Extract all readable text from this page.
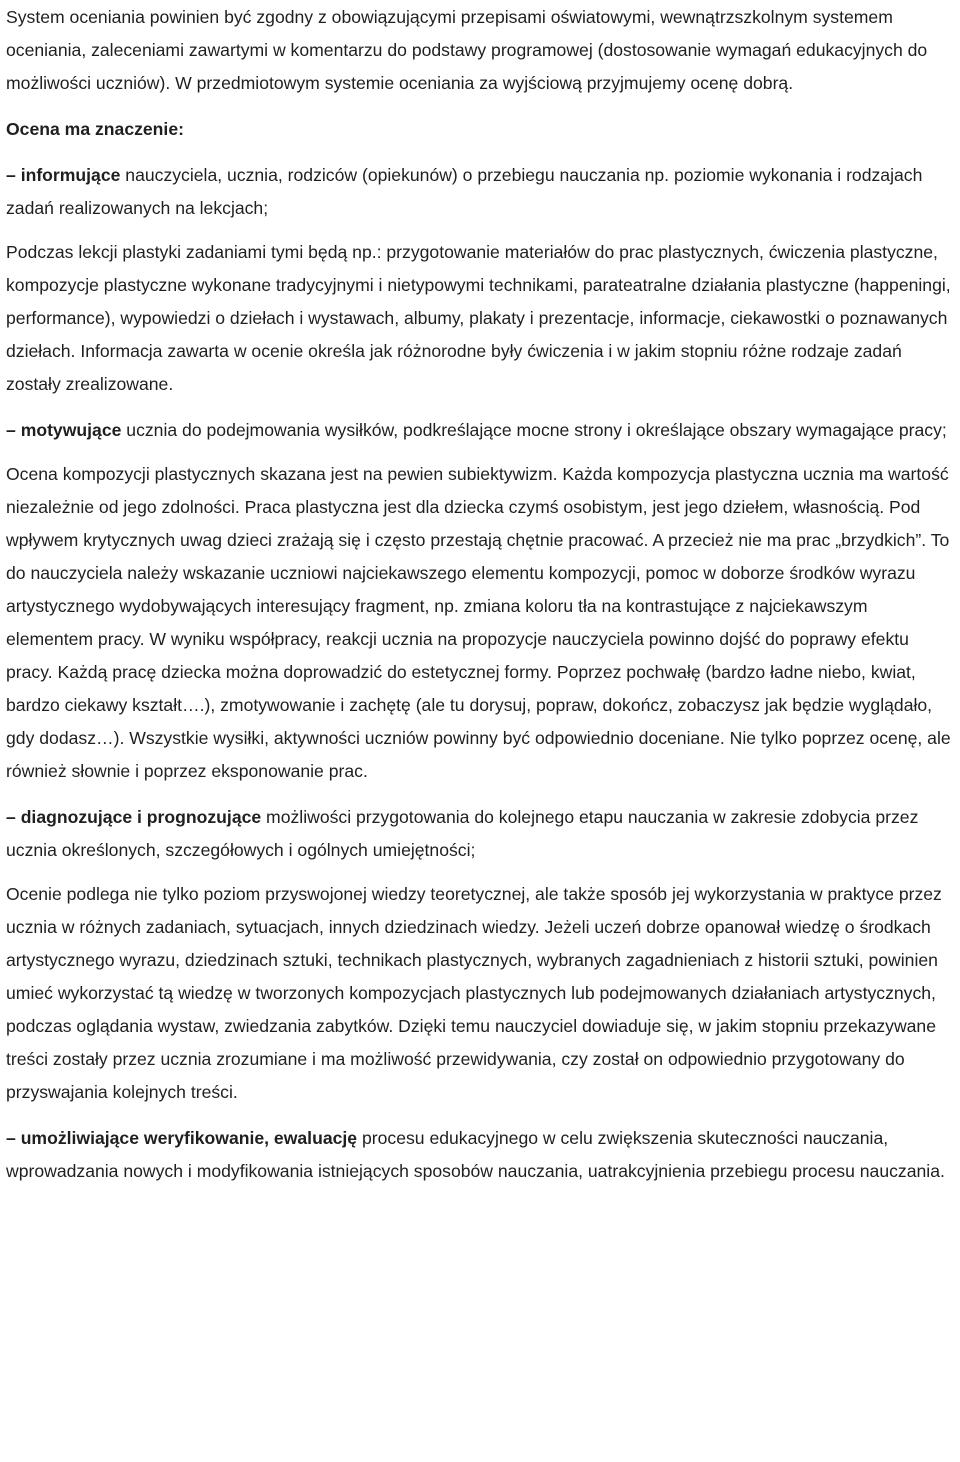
System oceniania powinien być zgodny z obowiązującymi przepisami oświatowymi, wewnątrzszkolnym systemem oceniania, zaleceniami zawartymi w komentarzu do podstawy programowej (dostosowanie wymagań edukacyjnych do możliwości uczniów). W przedmiotowym systemie oceniania za wyjściową przyjmujemy ocenę dobrą.

Ocena ma znaczenie:

– informujące nauczyciela, ucznia, rodziców (opiekunów) o przebiegu nauczania np. poziomie wykonania i rodzajach zadań realizowanych na lekcjach;

Podczas lekcji plastyki zadaniami tymi będą np.: przygotowanie materiałów do prac plastycznych, ćwiczenia plastyczne, kompozycje plastyczne wykonane tradycyjnymi i nietypowymi technikami, parateatralne działania plastyczne (happeningi, performance), wypowiedzi o dziełach i wystawach, albumy, plakaty i prezentacje, informacje, ciekawostki o poznawanych dziełach. Informacja zawarta w ocenie określa jak różnorodne były ćwiczenia i w jakim stopniu różne rodzaje zadań zostały zrealizowane.

– motywujące ucznia do podejmowania wysiłków, podkreślające mocne strony i określające obszary wymagające pracy;

Ocena kompozycji plastycznych skazana jest na pewien subiektywizm. Każda kompozycja plastyczna ucznia ma wartość niezależnie od jego zdolności. Praca plastyczna jest dla dziecka czymś osobistym, jest jego dziełem, własnością. Pod wpływem krytycznych uwag dzieci zrażają się i często przestają chętnie pracować. A przecież nie ma prac „brzydkich”. To do nauczyciela należy wskazanie uczniowi najciekawszego elementu kompozycji, pomoc w doborze środków wyrazu artystycznego wydobywających interesujący fragment, np. zmiana koloru tła na kontrastujące z najciekawszym elementem pracy. W wyniku współpracy, reakcji ucznia na propozycje nauczyciela powinno dojść do poprawy efektu pracy. Każdą pracę dziecka można doprowadzić do estetycznej formy. Poprzez pochwałę (bardzo ładne niebo, kwiat, bardzo ciekawy kształt….), zmotywowanie i zachętę (ale tu dorysuj, popraw, dokończ, zobaczysz jak będzie wyglądało, gdy dodasz…). Wszystkie wysiłki, aktywności uczniów powinny być odpowiednio doceniane. Nie tylko poprzez ocenę, ale również słownie i poprzez eksponowanie prac.

– diagnozujące i prognozujące możliwości przygotowania do kolejnego etapu nauczania w zakresie zdobycia przez ucznia określonych, szczegółowych i ogólnych umiejętności;

Ocenie podlega nie tylko poziom przyswojonej wiedzy teoretycznej, ale także sposób jej wykorzystania w praktyce przez ucznia w różnych zadaniach, sytuacjach, innych dziedzinach wiedzy. Jeżeli uczeń dobrze opanował wiedzę o środkach artystycznego wyrazu, dziedzinach sztuki, technikach plastycznych, wybranych zagadnieniach z historii sztuki, powinien umieć wykorzystać tą wiedzę w tworzonych kompozycjach plastycznych lub podejmowanych działaniach artystycznych, podczas oglądania wystaw, zwiedzania zabytków. Dzięki temu nauczyciel dowiaduje się, w jakim stopniu przekazywane treści zostały przez ucznia zrozumiane i ma możliwość przewidywania, czy został on odpowiednio przygotowany do przyswajania kolejnych treści.

– umożliwiające weryfikowanie, ewaluację procesu edukacyjnego w celu zwiększenia skuteczności nauczania, wprowadzania nowych i modyfikowania istniejących sposobów nauczania, uatrakcyjnienia przebiegu procesu nauczania.
